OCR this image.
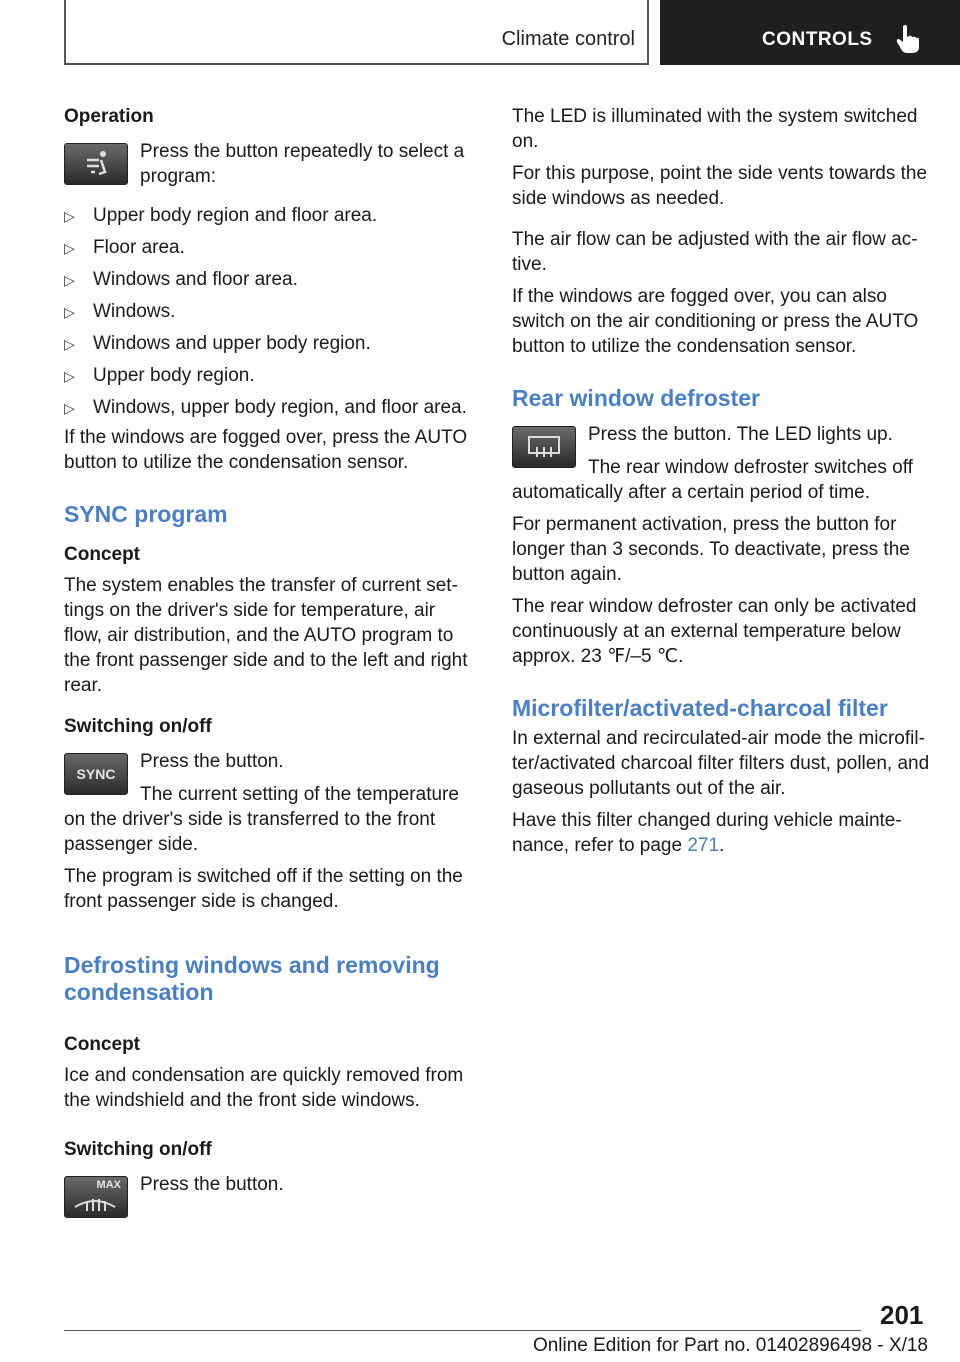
Climate control	CONTROLS

Operation

Press the button repeatedly to select a program:

▷ Upper body region and floor area.
▷ Floor area.
▷ Windows and floor area.
▷ Windows.
▷ Windows and upper body region.
▷ Upper body region.
▷ Windows, upper body region, and floor area.

If the windows are fogged over, press the AUTO button to utilize the condensation sensor.

SYNC program

Concept

The system enables the transfer of current set‐tings on the driver's side for temperature, air flow, air distribution, and the AUTO program to the front passenger side and to the left and right rear.

Switching on/off

SYNC

Press the button.

The current setting of the temperature on the driver's side is transferred to the front passenger side.

The program is switched off if the setting on the front passenger side is changed.

Defrosting windows and removing condensation

Concept

Ice and condensation are quickly removed from the windshield and the front side windows.

Switching on/off

MAX Press the button.

The LED is illuminated with the system switched on.

For this purpose, point the side vents towards the side windows as needed.

The air flow can be adjusted with the air flow ac‐tive.

If the windows are fogged over, you can also switch on the air conditioning or press the AUTO button to utilize the condensation sensor.

Rear window defroster

Press the button. The LED lights up.

The rear window defroster switches off automatically after a certain period of time.

For permanent activation, press the button for longer than 3 seconds. To deactivate, press the button again.

The rear window defroster can only be activated continuously at an external temperature below approx. 23 ℉/–5 ℃.

Microfilter/activated-charcoal filter

In external and recirculated-air mode the microfil‐ter/activated charcoal filter filters dust, pollen, and gaseous pollutants out of the air.

Have this filter changed during vehicle mainte‐nance, refer to page 271.

201
Online Edition for Part no. 01402896498 - X/18
